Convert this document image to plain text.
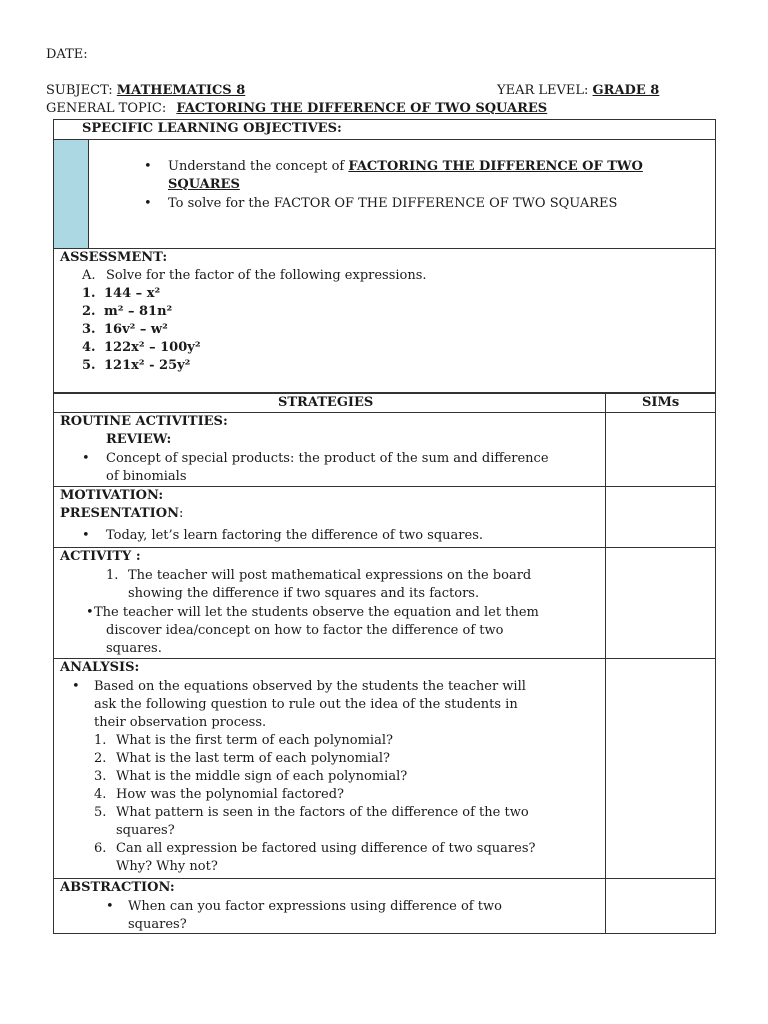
DATE:
SUBJECT: MATHEMATICS 8	YEAR LEVEL: GRADE 8
GENERAL TOPIC: FACTORING THE DIFFERENCE OF TWO SQUARES
SPECIFIC LEARNING OBJECTIVES:
• Understand the concept of FACTORING THE DIFFERENCE OF TWO
SQUARES
• To solve for the FACTOR OF THE DIFFERENCE OF TWO SQUARES
ASSESSMENT:
A. Solve for the factor of the following expressions.
1. 144 – x²
2. m² – 81n²
3. 16v² – w²
4. 122x² – 100y²
5. 121x² - 25y²
STRATEGIES	SIMs
ROUTINE ACTIVITIES:
REVIEW:
• Concept of special products: the product of the sum and difference
of binomials
MOTIVATION:
PRESENTATION:
• Today, let’s learn factoring the difference of two squares.
ACTIVITY :
1. The teacher will post mathematical expressions on the board
showing the difference if two squares and its factors.
• The teacher will let the students observe the equation and let them
discover idea/concept on how to factor the difference of two
squares.
ANALYSIS:
• Based on the equations observed by the students the teacher will
ask the following question to rule out the idea of the students in
their observation process.
1. What is the first term of each polynomial?
2. What is the last term of each polynomial?
3. What is the middle sign of each polynomial?
4. How was the polynomial factored?
5. What pattern is seen in the factors of the difference of the two
squares?
6. Can all expression be factored using difference of two squares?
Why? Why not?
ABSTRACTION:
• When can you factor expressions using difference of two
squares?
